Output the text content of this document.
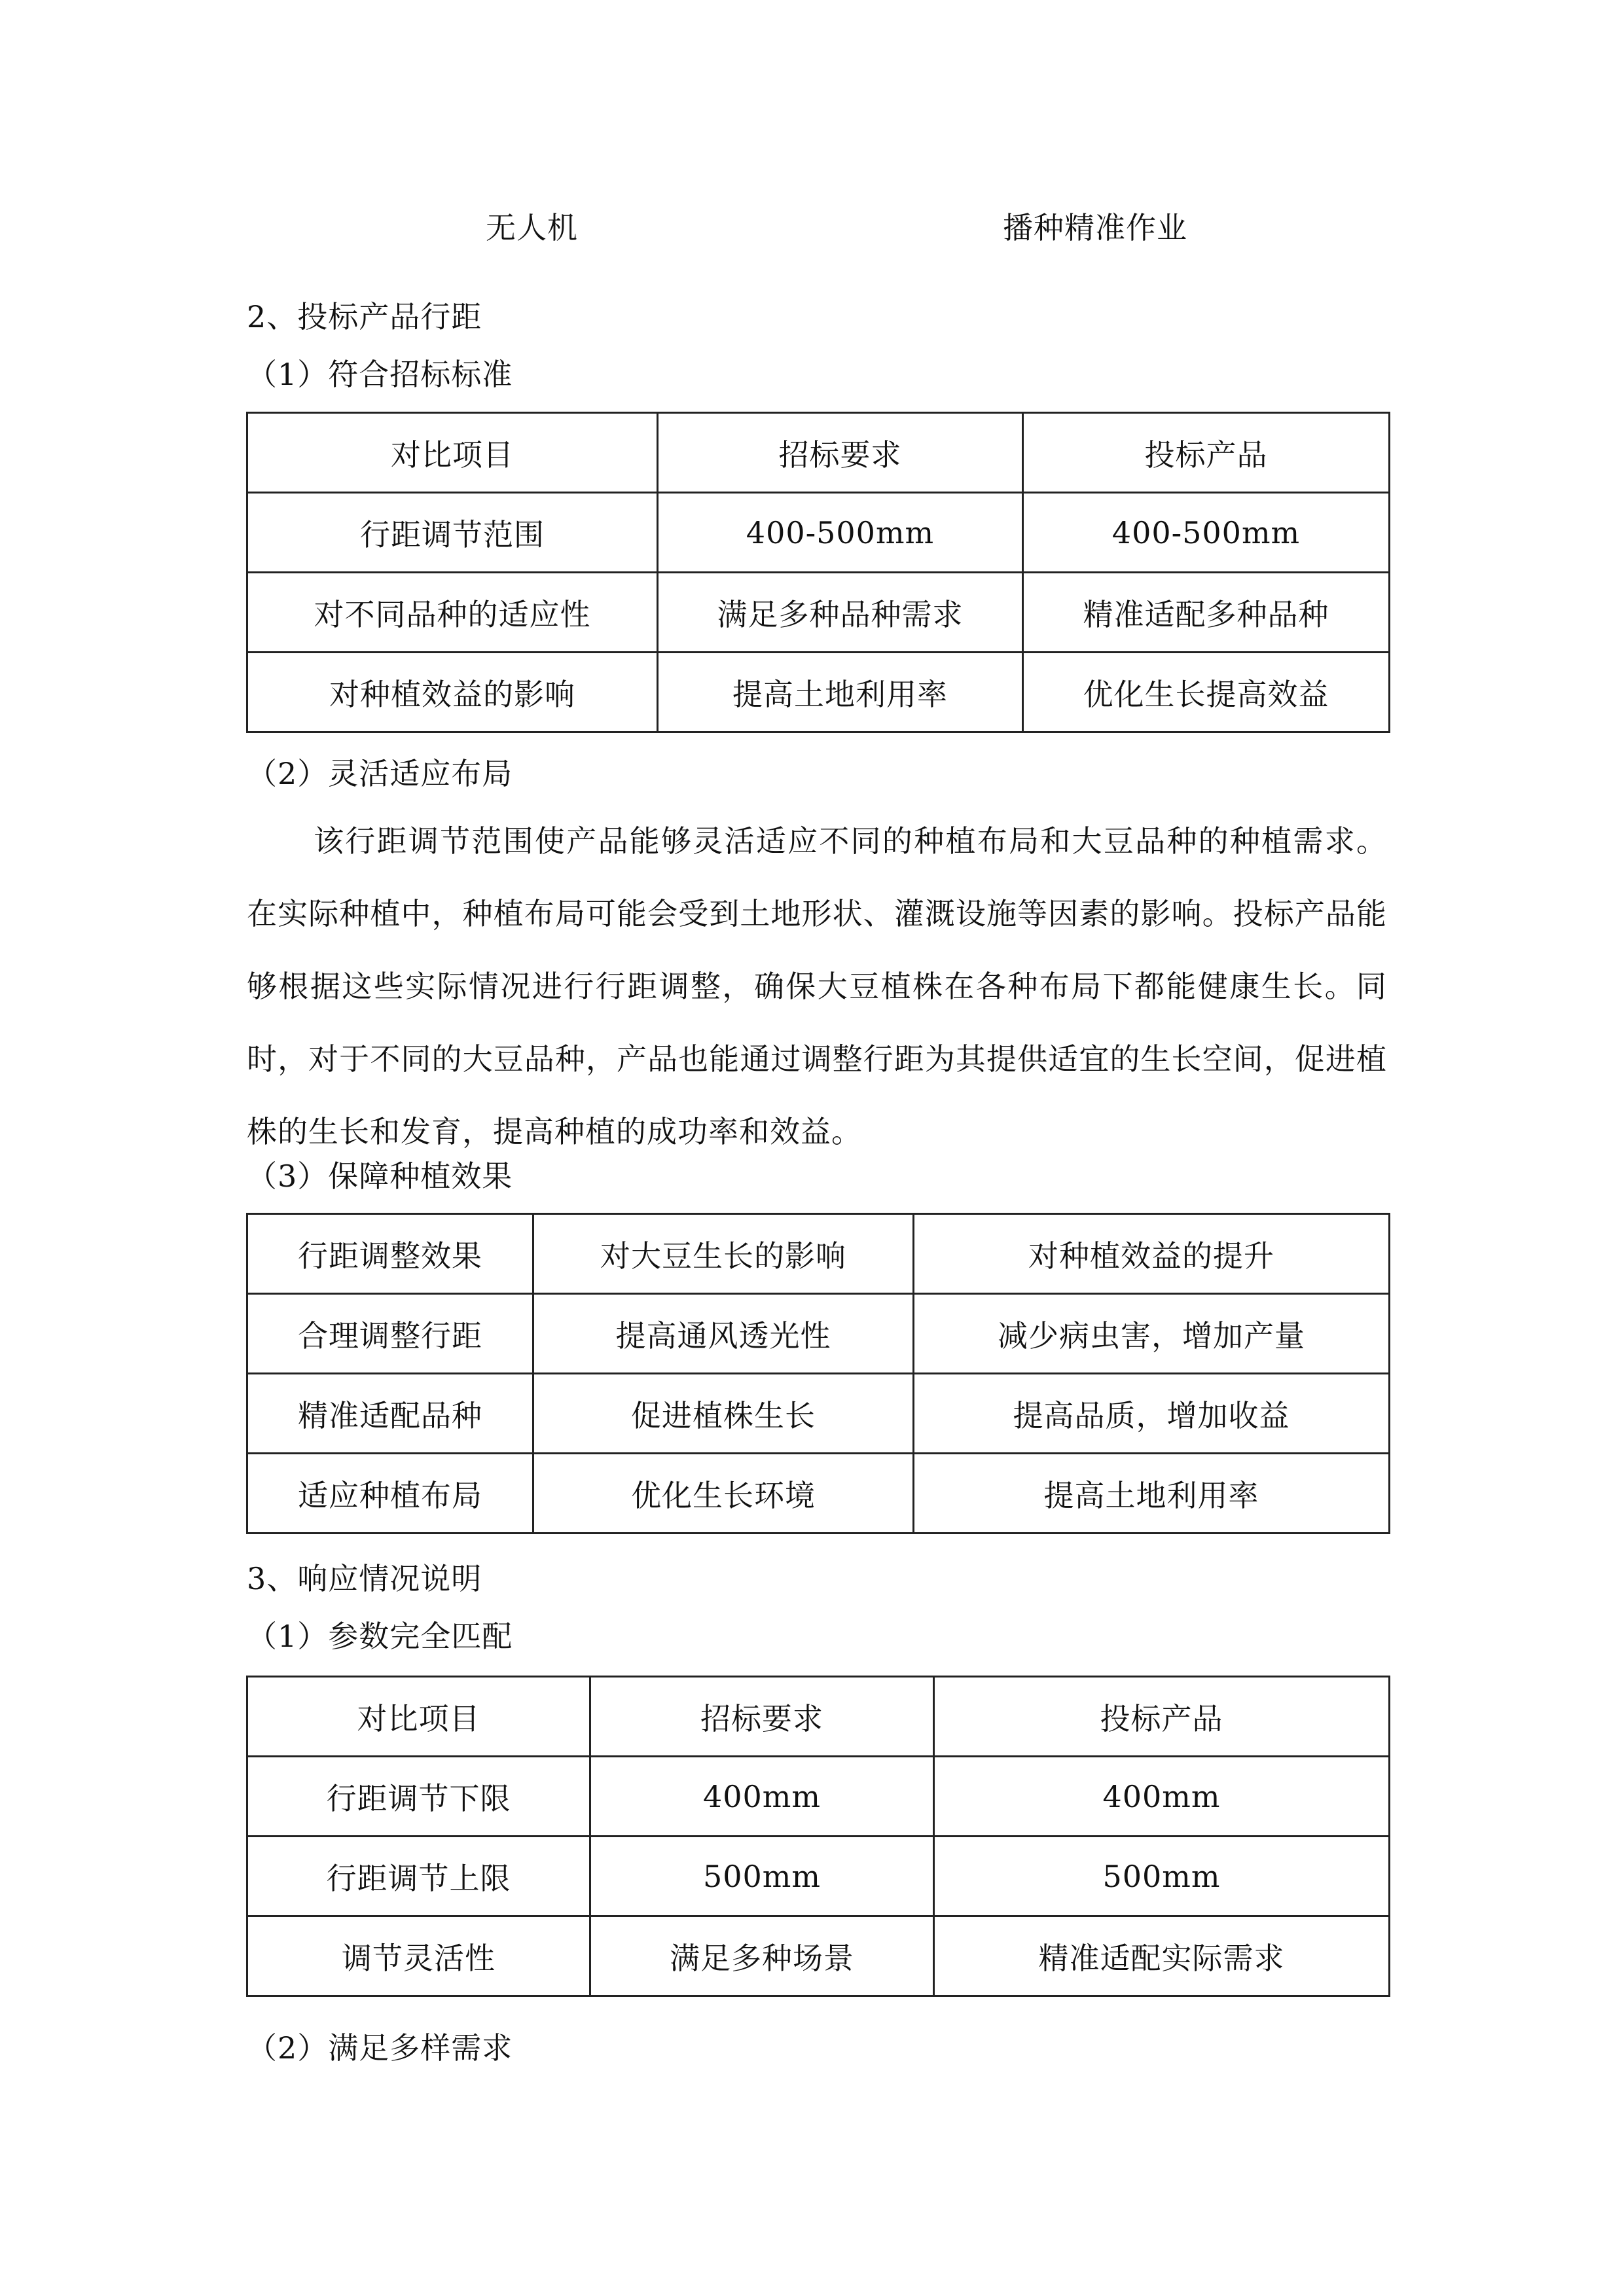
无人机	播种精准作业
2、投标产品行距
（1）符合招标标准
对比项目	招标要求	投标产品
行距调节范围	400-500mm	400-500mm
对不同品种的适应性	满足多种品种需求	精准适配多种品种
对种植效益的影响	提高土地利用率	优化生长提高效益
（2）灵活适应布局
该行距调节范围使产品能够灵活适应不同的种植布局和大豆品种的种植需求。在实际种植中，种植布局可能会受到土地形状、灌溉设施等因素的影响。投标产品能够根据这些实际情况进行行距调整，确保大豆植株在各种布局下都能健康生长。同时，对于不同的大豆品种，产品也能通过调整行距为其提供适宜的生长空间，促进植株的生长和发育，提高种植的成功率和效益。
（3）保障种植效果
行距调整效果	对大豆生长的影响	对种植效益的提升
合理调整行距	提高通风透光性	减少病虫害，增加产量
精准适配品种	促进植株生长	提高品质，增加收益
适应种植布局	优化生长环境	提高土地利用率
3、响应情况说明
（1）参数完全匹配
对比项目	招标要求	投标产品
行距调节下限	400mm	400mm
行距调节上限	500mm	500mm
调节灵活性	满足多种场景	精准适配实际需求
（2）满足多样需求
